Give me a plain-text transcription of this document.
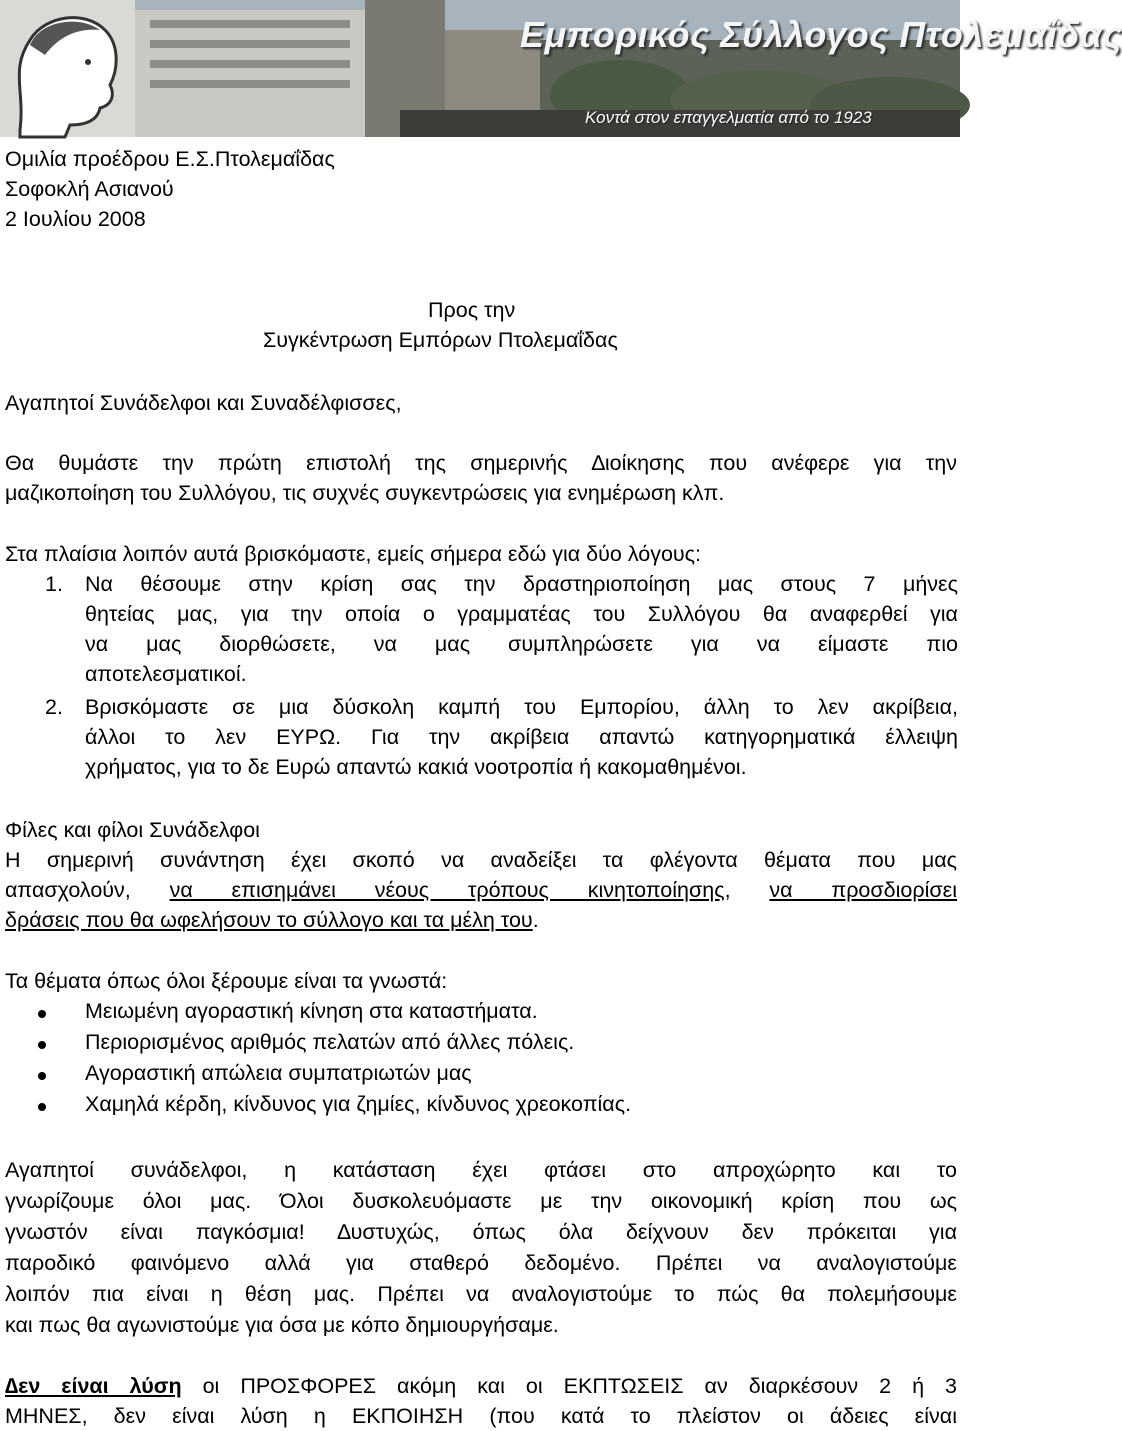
Εμπορικός Σύλλογος Πτολεμαΐδας
Κοντά στον επαγγελματία από το 1923
Ομιλία προέδρου Ε.Σ.Πτολεμαΐδας
Σοφοκλή Ασιανού
2 Ιουλίου 2008
Προς την
Συγκέντρωση Εμπόρων Πτολεμαΐδας
Αγαπητοί Συνάδελφοι και Συναδέλφισσες,
Θα θυμάστε την πρώτη επιστολή της σημερινής ∆ιοίκησης που ανέφερε για την
μαζικοποίηση του Συλλόγου, τις συχνές συγκεντρώσεις για ενημέρωση κλπ.
Στα πλαίσια λοιπόν αυτά βρισκόμαστε, εμείς σήμερα εδώ για δύο λόγους:
1. Να θέσουμε στην κρίση σας την δραστηριοποίηση μας στους 7 μήνες
θητείας μας, για την οποία ο γραμματέας του Συλλόγου θα αναφερθεί για
να μας διορθώσετε, να μας συμπληρώσετε για να είμαστε πιο
αποτελεσματικοί.
2. Βρισκόμαστε σε μια δύσκολη καμπή του Εμπορίου, άλλη το λεν ακρίβεια,
άλλοι το λεν ΕΥΡΩ. Για την ακρίβεια απαντώ κατηγορηματικά έλλειψη
χρήματος, για το δε Ευρώ απαντώ κακιά νοοτροπία ή κακομαθημένοι.
Φίλες και φίλοι Συνάδελφοι
Η σημερινή συνάντηση έχει σκοπό να αναδείξει τα φλέγοντα θέματα που μας
απασχολούν, να επισημάνει νέους τρόπους κινητοποίησης, να προσδιορίσει
δράσεις που θα ωφελήσουν το σύλλογο και τα μέλη του.
Τα θέματα όπως όλοι ξέρουμε είναι τα γνωστά:
Μειωμένη αγοραστική κίνηση στα καταστήματα.
Περιορισμένος αριθμός πελατών από άλλες πόλεις.
Αγοραστική απώλεια συμπατριωτών μας
Χαμηλά κέρδη, κίνδυνος για ζημίες, κίνδυνος χρεοκοπίας.
Αγαπητοί συνάδελφοι, η κατάσταση έχει φτάσει στο απροχώρητο και το
γνωρίζουμε όλοι μας. Όλοι δυσκολευόμαστε με την οικονομική κρίση που ως
γνωστόν είναι παγκόσμια! ∆υστυχώς, όπως όλα δείχνουν δεν πρόκειται για
παροδικό φαινόμενο αλλά για σταθερό δεδομένο. Πρέπει να αναλογιστούμε
λοιπόν πια είναι η θέση μας. Πρέπει να αναλογιστούμε το πώς θα πολεμήσουμε
και πως θα αγωνιστούμε για όσα με κόπο δημιουργήσαμε.
∆εν είναι λύση οι ΠΡΟΣΦΟΡΕΣ ακόμη και οι ΕΚΠΤΩΣΕΙΣ αν διαρκέσουν 2 ή 3
ΜΗΝΕΣ, δεν είναι λύση η ΕΚΠΟΙΗΣΗ (που κατά το πλείστον οι άδειες είναι
